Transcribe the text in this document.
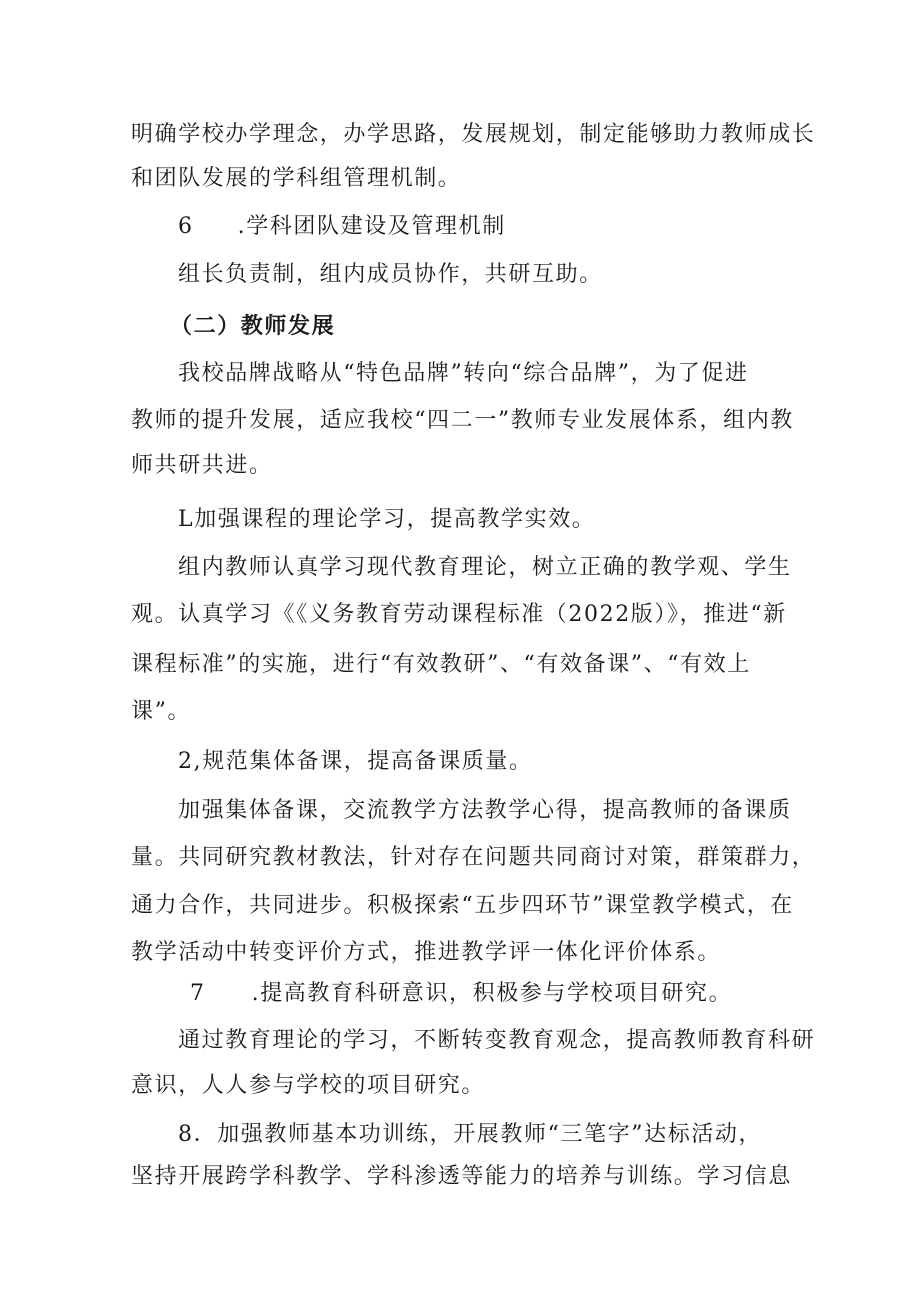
明确学校办学理念，办学思路，发展规划，制定能够助力教师成长
和团队发展的学科组管理机制。
6 .学科团队建设及管理机制
组长负责制，组内成员协作，共研互助。
（二）教师发展
我校品牌战略从“特色品牌”转向“综合品牌”，为了促进
教师的提升发展，适应我校“四二一”教师专业发展体系，组内教
师共研共进。
L加强课程的理论学习，提高教学实效。
组内教师认真学习现代教育理论，树立正确的教学观、学生
观。认真学习《《义务教育劳动课程标准（2022版）》，推进“新
课程标准”的实施，进行“有效教研”、“有效备课”、“有效上
课”。
2,规范集体备课，提高备课质量。
加强集体备课，交流教学方法教学心得，提高教师的备课质
量。共同研究教材教法，针对存在问题共同商讨对策，群策群力，
通力合作，共同进步。积极探索“五步四环节”课堂教学模式，在
教学活动中转变评价方式，推进教学评一体化评价体系。
7 .提高教育科研意识，积极参与学校项目研究。
通过教育理论的学习，不断转变教育观念，提高教师教育科研
意识，人人参与学校的项目研究。
8．加强教师基本功训练，开展教师“三笔字”达标活动，
坚持开展跨学科教学、学科渗透等能力的培养与训练。学习信息
